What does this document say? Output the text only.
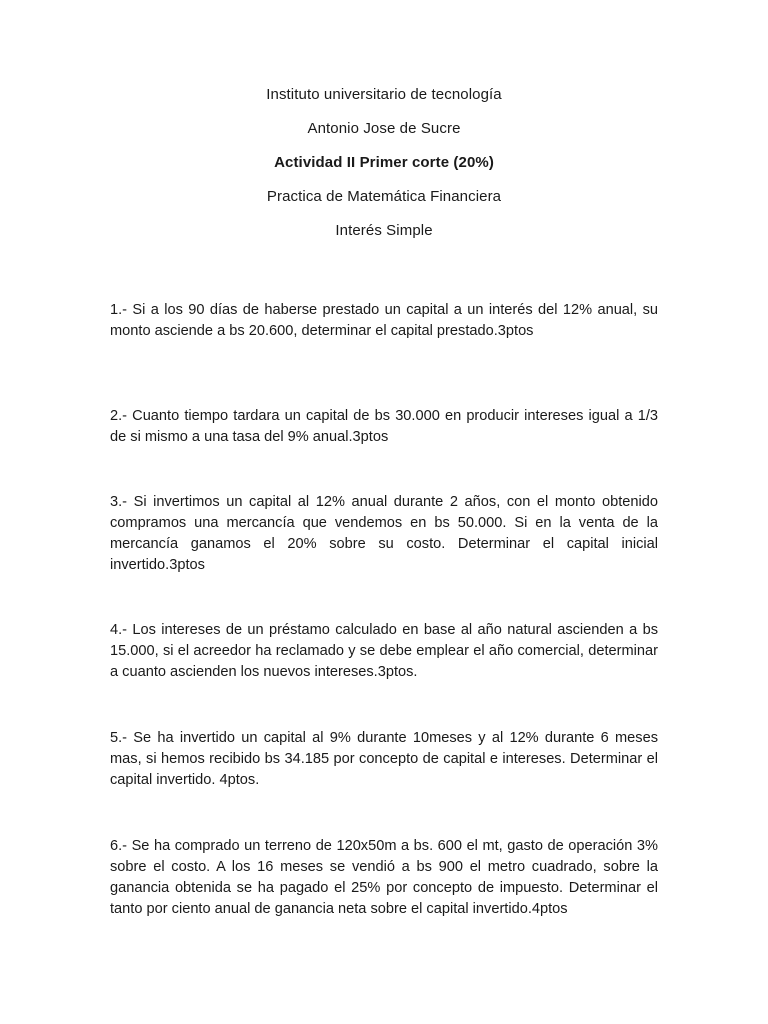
Instituto universitario de tecnología
Antonio Jose de Sucre
Actividad II Primer corte (20%)
Practica de Matemática Financiera
Interés Simple

1.- Si a los 90 días de haberse prestado un capital a un interés del 12% anual, su monto asciende a bs 20.600, determinar el capital prestado.3ptos

2.- Cuanto tiempo tardara un capital de bs 30.000 en producir intereses igual a 1/3 de si mismo a una tasa del 9% anual.3ptos

3.- Si invertimos un capital al 12% anual durante 2 años, con el monto obtenido compramos una mercancía que vendemos en bs 50.000. Si en la venta de la mercancía ganamos el 20% sobre su costo. Determinar el capital inicial invertido.3ptos

4.- Los intereses de un préstamo calculado en base al año natural ascienden a bs 15.000, si el acreedor ha reclamado y se debe emplear el año comercial, determinar a cuanto ascienden los nuevos intereses.3ptos.

5.- Se ha invertido un capital al 9% durante 10meses y al 12% durante 6 meses mas, si hemos recibido bs 34.185 por concepto de capital e intereses. Determinar el capital invertido. 4ptos.

6.- Se ha comprado un terreno de 120x50m a bs. 600 el mt, gasto de operación 3% sobre el costo. A los 16 meses se vendió a bs 900 el metro cuadrado, sobre la ganancia obtenida se ha pagado el 25% por concepto de impuesto. Determinar el tanto por ciento anual de ganancia neta sobre el capital invertido.4ptos
